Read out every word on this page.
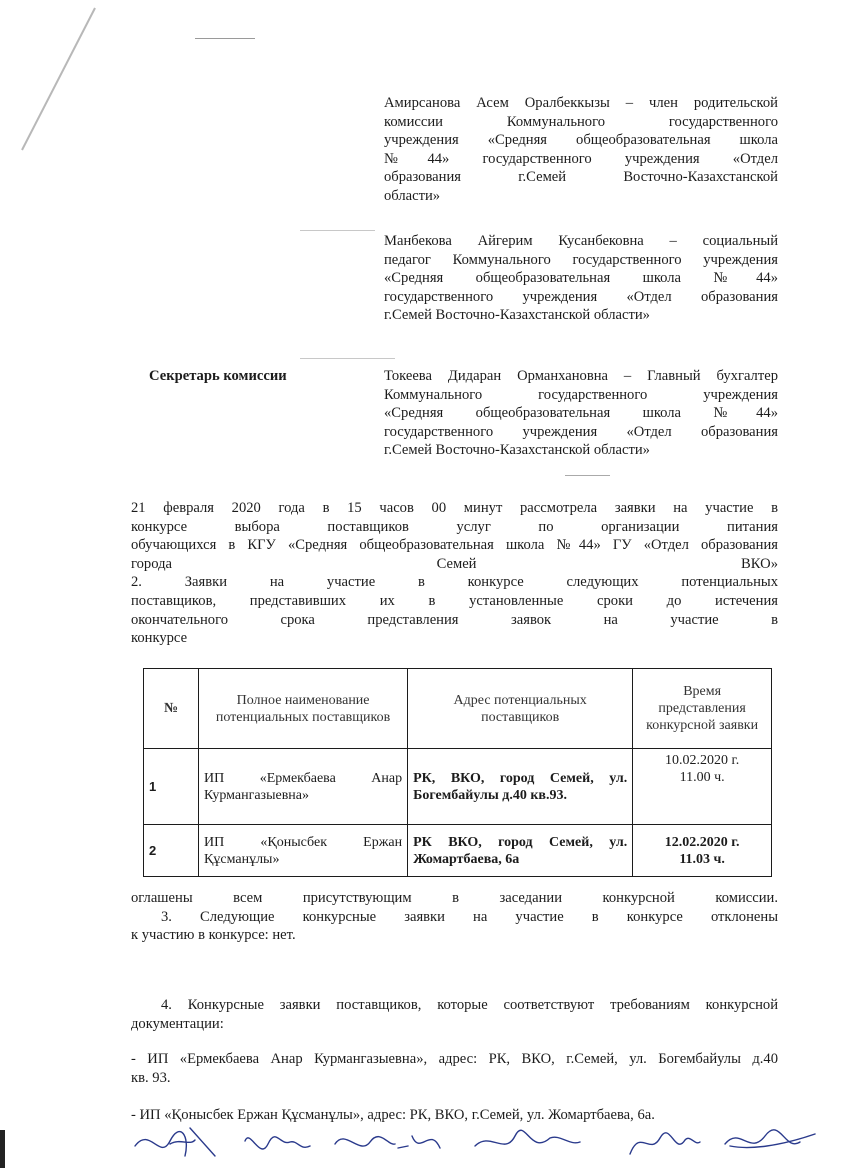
Амирсанова Асем Оралбеккызы – член родительской

комиссии Коммунального государственного

учреждения «Средняя общеобразовательная школа

№44» государственного учреждения «Отдел

образования г.Семей Восточно-Казахстанской

области»

Манбекова Айгерим Кусанбековна – социальный

педагог Коммунального государственного учреждения

«Средняя общеобразовательная школа №44»

государственного учреждения «Отдел образования

г.Семей Восточно-Казахстанской области»

Секретарь комиссии	Токеева Дидаран Орманхановна – Главный бухгалтер

Коммунального государственного учреждения

«Средняя общеобразовательная школа №44»

государственного учреждения «Отдел образования

г.Семей Восточно-Казахстанской области»

21 февраля 2020 года в 15 часов 00 минут рассмотрела заявки на участие в
конкурсе выбора поставщиков услуг по организации питания
обучающихся в КГУ «Средняя общеобразовательная школа №44» ГУ «Отдел образования
города Семей ВКО»
2. Заявки на участие в конкурсе следующих потенциальных
поставщиков, представивших их в установленные сроки до истечения
окончательного срока представления заявок на участие в
конкурсе
№	Полное наименование потенциальных поставщиков	Адрес потенциальных поставщиков	Время представления конкурсной заявки
1	ИП «Ермекбаева Анар Курмангазыевна»	РК, ВКО, город Семей, ул. Богембайулы д.40 кв.93.	10.02.2020 г.
11.00 ч.

2	ИП «Қонысбек Ержан Құсманұлы»	РК ВКО, город Семей, ул. Жомартбаева, 6а	12.02.2020 г.
11.03 ч.
оглашены всем присутствующим в заседании конкурсной комиссии.
3. Следующие конкурсные заявки на участие в конкурсе отклонены
к участию в конкурсе: нет.
4. Конкурсные заявки поставщиков, которые соответствуют требованиям конкурсной
документации:
- ИП «Ермекбаева Анар Курмангазыевна», адрес: РК, ВКО, г.Семей, ул. Богембайулы д.40
кв. 93.
- ИП «Қонысбек Ержан Құсманұлы», адрес: РК, ВКО, г.Семей, ул. Жомартбаева, 6а.
